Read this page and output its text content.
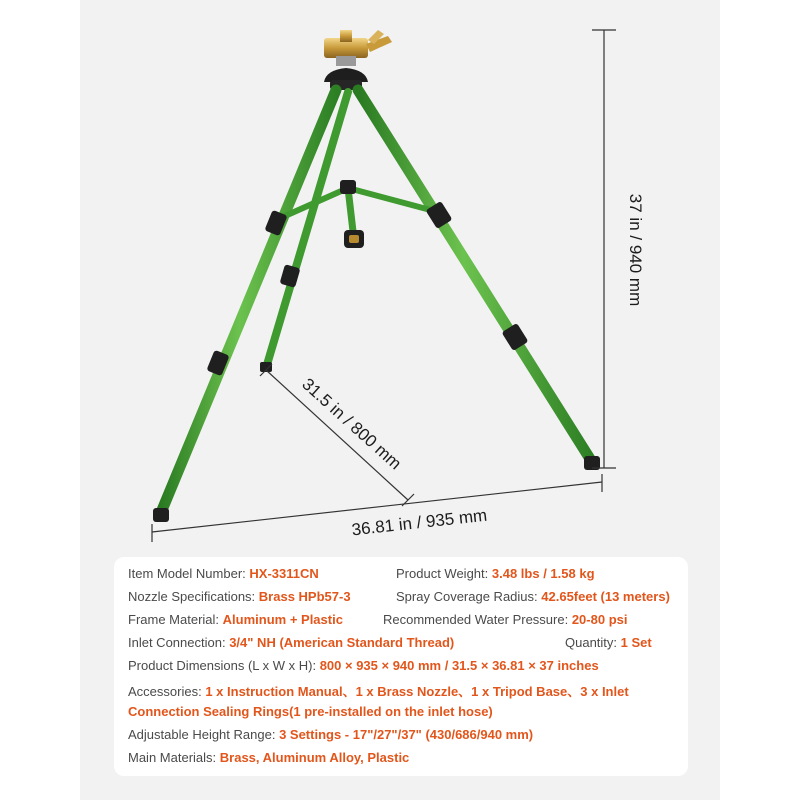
37 in / 940 mm
31.5 in / 800 mm
36.81 in / 935 mm
Item Model Number: HX-3311CN	Product Weight: 3.48 lbs / 1.58 kg
Nozzle Specifications: Brass HPb57-3	Spray Coverage Radius: 42.65feet (13 meters)
Frame Material: Aluminum + Plastic	Recommended Water Pressure: 20-80 psi
Inlet Connection: 3/4" NH (American Standard Thread)	Quantity: 1 Set
Product Dimensions (L x W x H): 800 × 935 × 940 mm / 31.5 × 36.81 × 37 inches
Accessories: 1 x Instruction Manual、1 x Brass Nozzle、1 x Tripod Base、3 x Inlet
Connection Sealing Rings(1 pre-installed on the inlet hose)
Adjustable Height Range: 3 Settings - 17"/27"/37" (430/686/940 mm)
Main Materials: Brass, Aluminum Alloy, Plastic
